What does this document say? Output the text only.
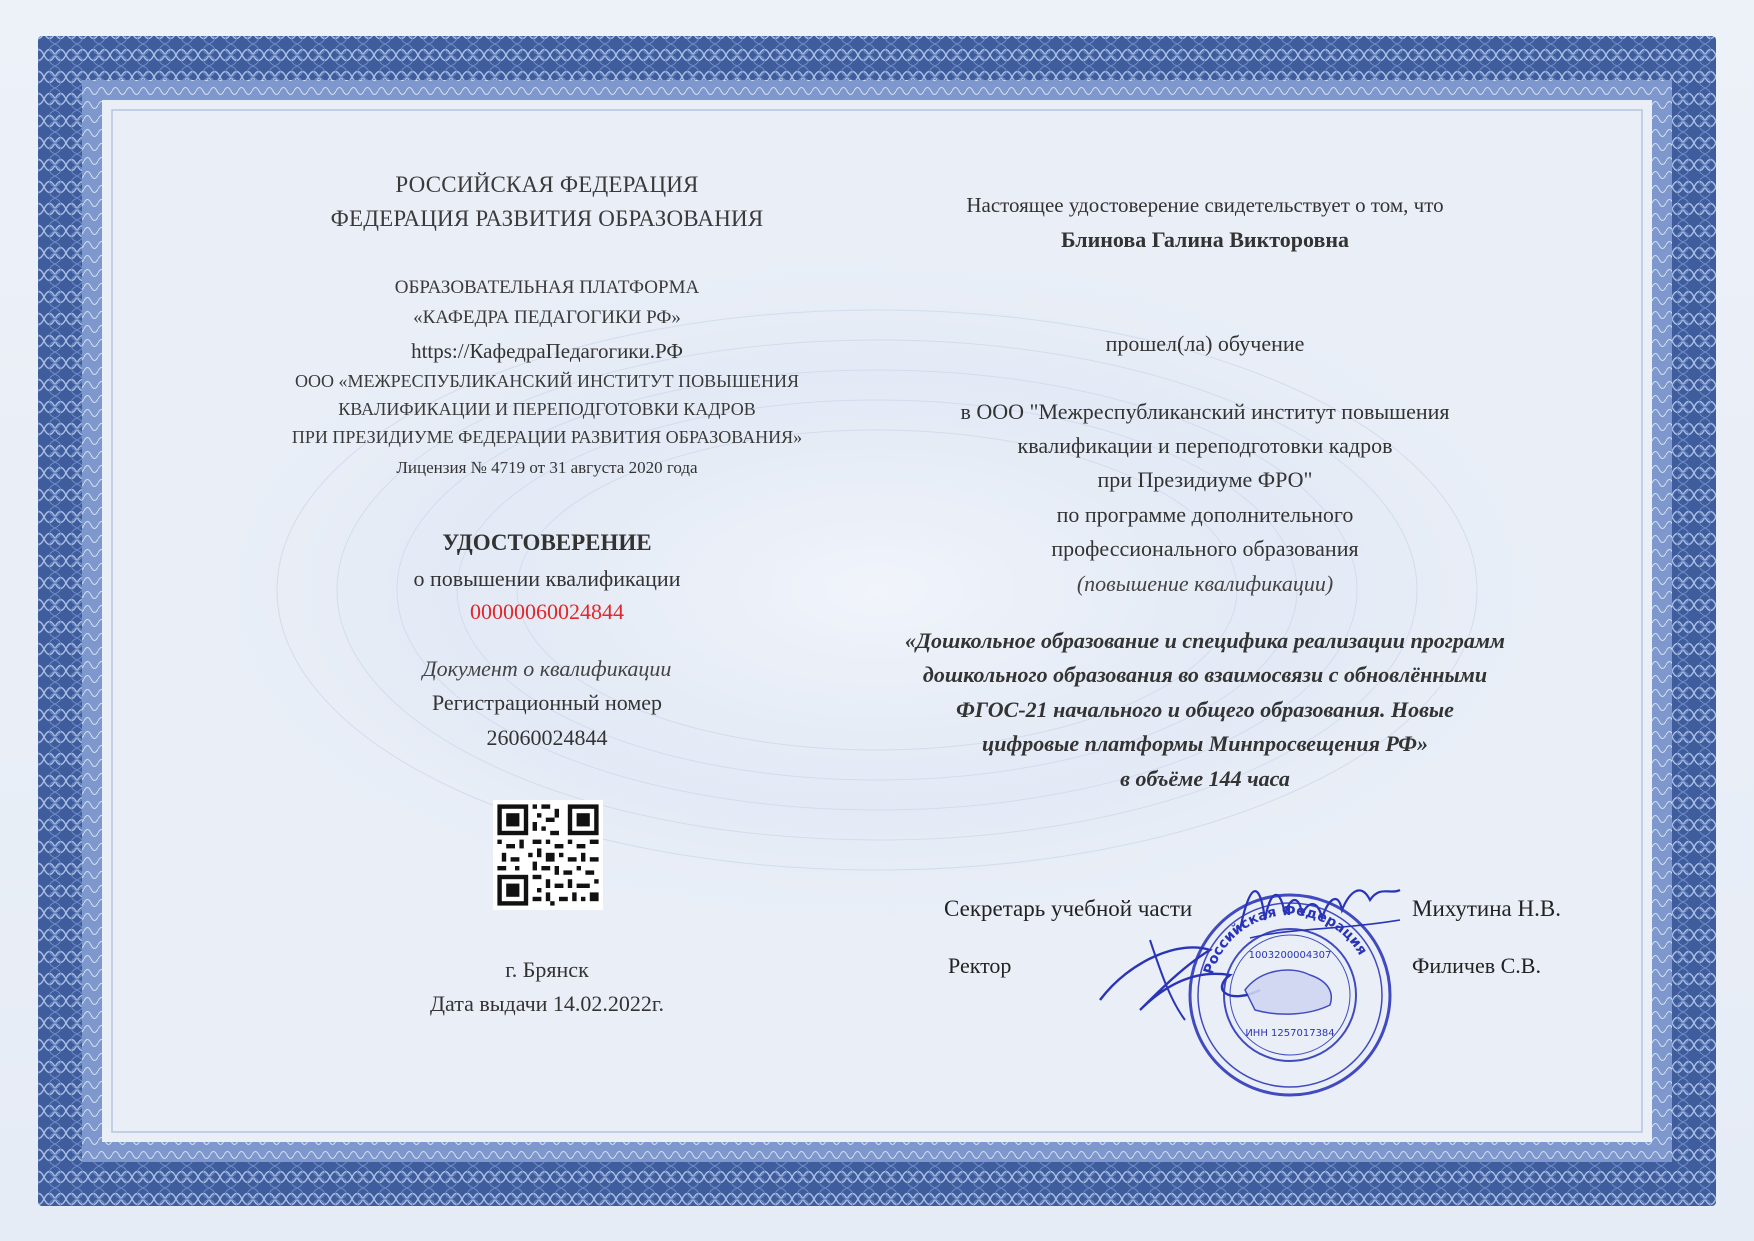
РОССИЙСКАЯ ФЕДЕРАЦИЯ
ФЕДЕРАЦИЯ РАЗВИТИЯ ОБРАЗОВАНИЯ
ОБРАЗОВАТЕЛЬНАЯ ПЛАТФОРМА
«КАФЕДРА ПЕДАГОГИКИ РФ»
https://КафедраПедагогики.РФ
ООО «МЕЖРЕСПУБЛИКАНСКИЙ ИНСТИТУТ ПОВЫШЕНИЯ
КВАЛИФИКАЦИИ И ПЕРЕПОДГОТОВКИ КАДРОВ
ПРИ ПРЕЗИДИУМЕ ФЕДЕРАЦИИ РАЗВИТИЯ ОБРАЗОВАНИЯ»
Лицензия № 4719 от 31 августа 2020 года
УДОСТОВЕРЕНИЕ
о повышении квалификации
00000060024844
Документ о квалификации
Регистрационный номер
26060024844
г. Брянск
Дата выдачи 14.02.2022г.
Настоящее удостоверение свидетельствует о том, что
Блинова Галина Викторовна
прошел(ла) обучение
в ООО "Межреспубликанский институт повышения
квалификации и переподготовки кадров
при Президиуме ФРО"
по программе дополнительного
профессионального образования
(повышение квалификации)
«Дошкольное образование и специфика реализации программ
дошкольного образования во взаимосвязи с обновлёнными
ФГОС-21 начального и общего образования. Новые
цифровые платформы Минпросвещения РФ»
в объёме 144 часа
Секретарь учебной части	Михутина Н.В.
Ректор	Филичев С.В.
Российская Федерация
1003200004307
ИНН 1257017384
